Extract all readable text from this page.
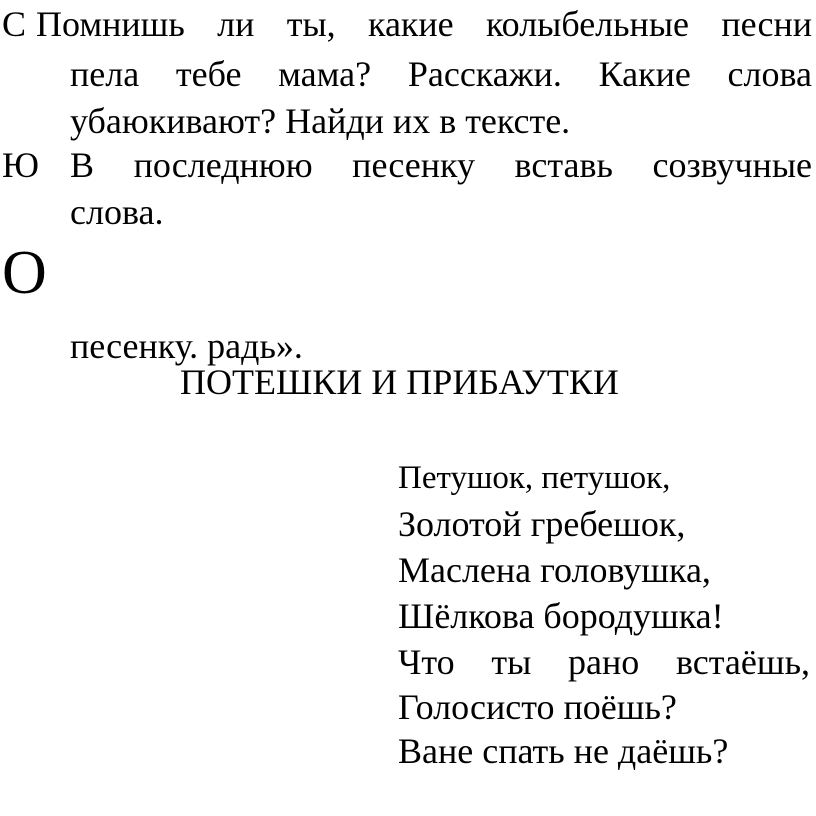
С Помнишь ли ты, какие колыбельные песни
пела тебе мама? Расскажи. Какие слова
убаюкивают? Найди их в тексте.
Ю В последнюю песенку вставь созвучные
слова.
О
песенку. радь».
ПОТЕШКИ И ПРИБАУТКИ
Петушок, петушок,
Золотой гребешок,
Маслена головушка,
Шёлкова бородушка!
Что ты рано встаёшь,
Голосисто поёшь?
Ване спать не даёшь?
